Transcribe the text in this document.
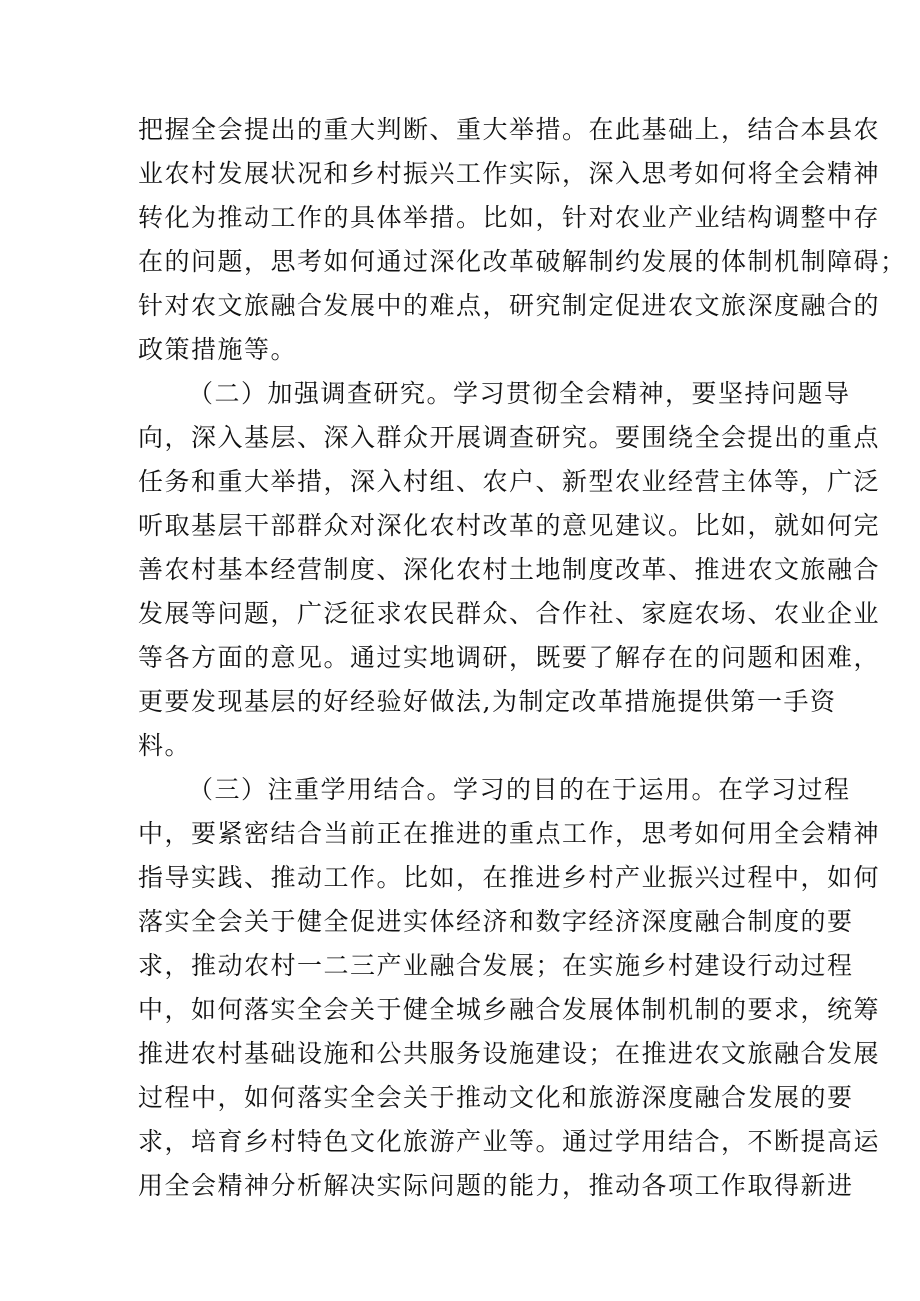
把握全会提出的重大判断、重大举措。在此基础上，结合本县农
业农村发展状况和乡村振兴工作实际，深入思考如何将全会精神
转化为推动工作的具体举措。比如，针对农业产业结构调整中存
在的问题，思考如何通过深化改革破解制约发展的体制机制障碍；
针对农文旅融合发展中的难点，研究制定促进农文旅深度融合的
政策措施等。
（二）加强调查研究。学习贯彻全会精神，要坚持问题导
向，深入基层、深入群众开展调查研究。要围绕全会提出的重点
任务和重大举措，深入村组、农户、新型农业经营主体等，广泛
听取基层干部群众对深化农村改革的意见建议。比如，就如何完
善农村基本经营制度、深化农村土地制度改革、推进农文旅融合
发展等问题，广泛征求农民群众、合作社、家庭农场、农业企业
等各方面的意见。通过实地调研，既要了解存在的问题和困难，
更要发现基层的好经验好做法,为制定改革措施提供第一手资
料。
（三）注重学用结合。学习的目的在于运用。在学习过程
中，要紧密结合当前正在推进的重点工作，思考如何用全会精神
指导实践、推动工作。比如，在推进乡村产业振兴过程中，如何
落实全会关于健全促进实体经济和数字经济深度融合制度的要
求，推动农村一二三产业融合发展；在实施乡村建设行动过程
中，如何落实全会关于健全城乡融合发展体制机制的要求，统筹
推进农村基础设施和公共服务设施建设；在推进农文旅融合发展
过程中，如何落实全会关于推动文化和旅游深度融合发展的要
求，培育乡村特色文化旅游产业等。通过学用结合，不断提高运
用全会精神分析解决实际问题的能力，推动各项工作取得新进
